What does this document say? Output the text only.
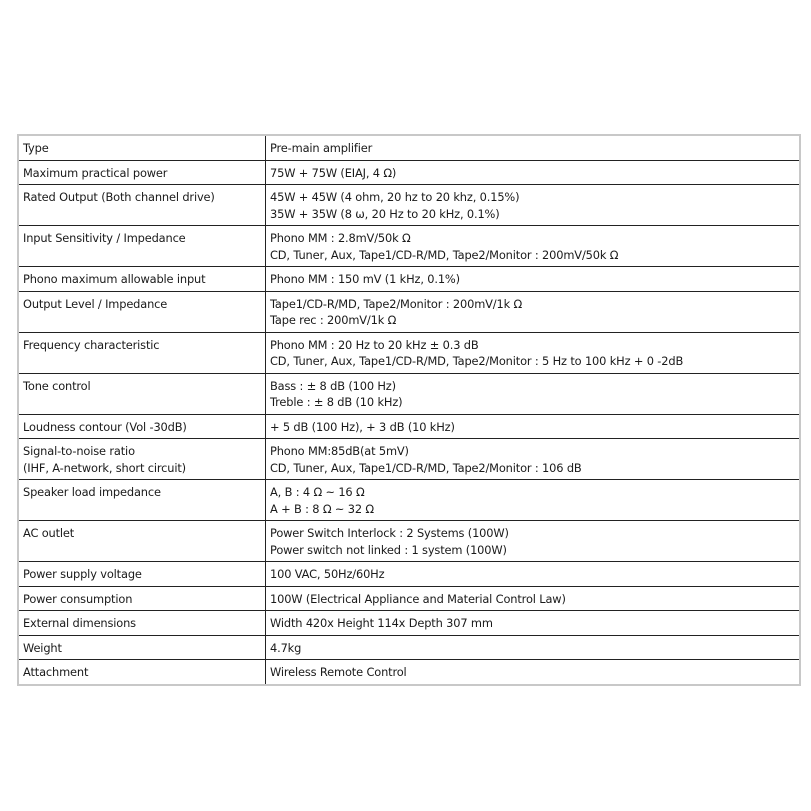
Type	Pre-main amplifier

Maximum practical power	75W + 75W (EIAJ, 4 Ω)

Rated Output (Both channel drive)	45W + 45W (4 ohm, 20 hz to 20 khz, 0.15%)
35W + 35W (8 ω, 20 Hz to 20 kHz, 0.1%)

Input Sensitivity / Impedance	Phono MM : 2.8mV/50k Ω
CD, Tuner, Aux, Tape1/CD-R/MD, Tape2/Monitor : 200mV/50k Ω

Phono maximum allowable input	Phono MM : 150 mV (1 kHz, 0.1%)

Output Level / Impedance	Tape1/CD-R/MD, Tape2/Monitor : 200mV/1k Ω
Tape rec : 200mV/1k Ω

Frequency characteristic	Phono MM : 20 Hz to 20 kHz ± 0.3 dB
CD, Tuner, Aux, Tape1/CD-R/MD, Tape2/Monitor : 5 Hz to 100 kHz + 0 -2dB

Tone control	Bass : ± 8 dB (100 Hz)
Treble : ± 8 dB (10 kHz)

Loudness contour (Vol -30dB)	+ 5 dB (100 Hz), + 3 dB (10 kHz)

Signal-to-noise ratio
(IHF, A-network, short circuit)	Phono MM:85dB(at 5mV)
CD, Tuner, Aux, Tape1/CD-R/MD, Tape2/Monitor : 106 dB

Speaker load impedance	A, B : 4 Ω ~ 16 Ω
A + B : 8 Ω ~ 32 Ω

AC outlet	Power Switch Interlock : 2 Systems (100W)
Power switch not linked : 1 system (100W)

Power supply voltage	100 VAC, 50Hz/60Hz

Power consumption	100W (Electrical Appliance and Material Control Law)

External dimensions	Width 420x Height 114x Depth 307 mm

Weight	4.7kg

Attachment	Wireless Remote Control
